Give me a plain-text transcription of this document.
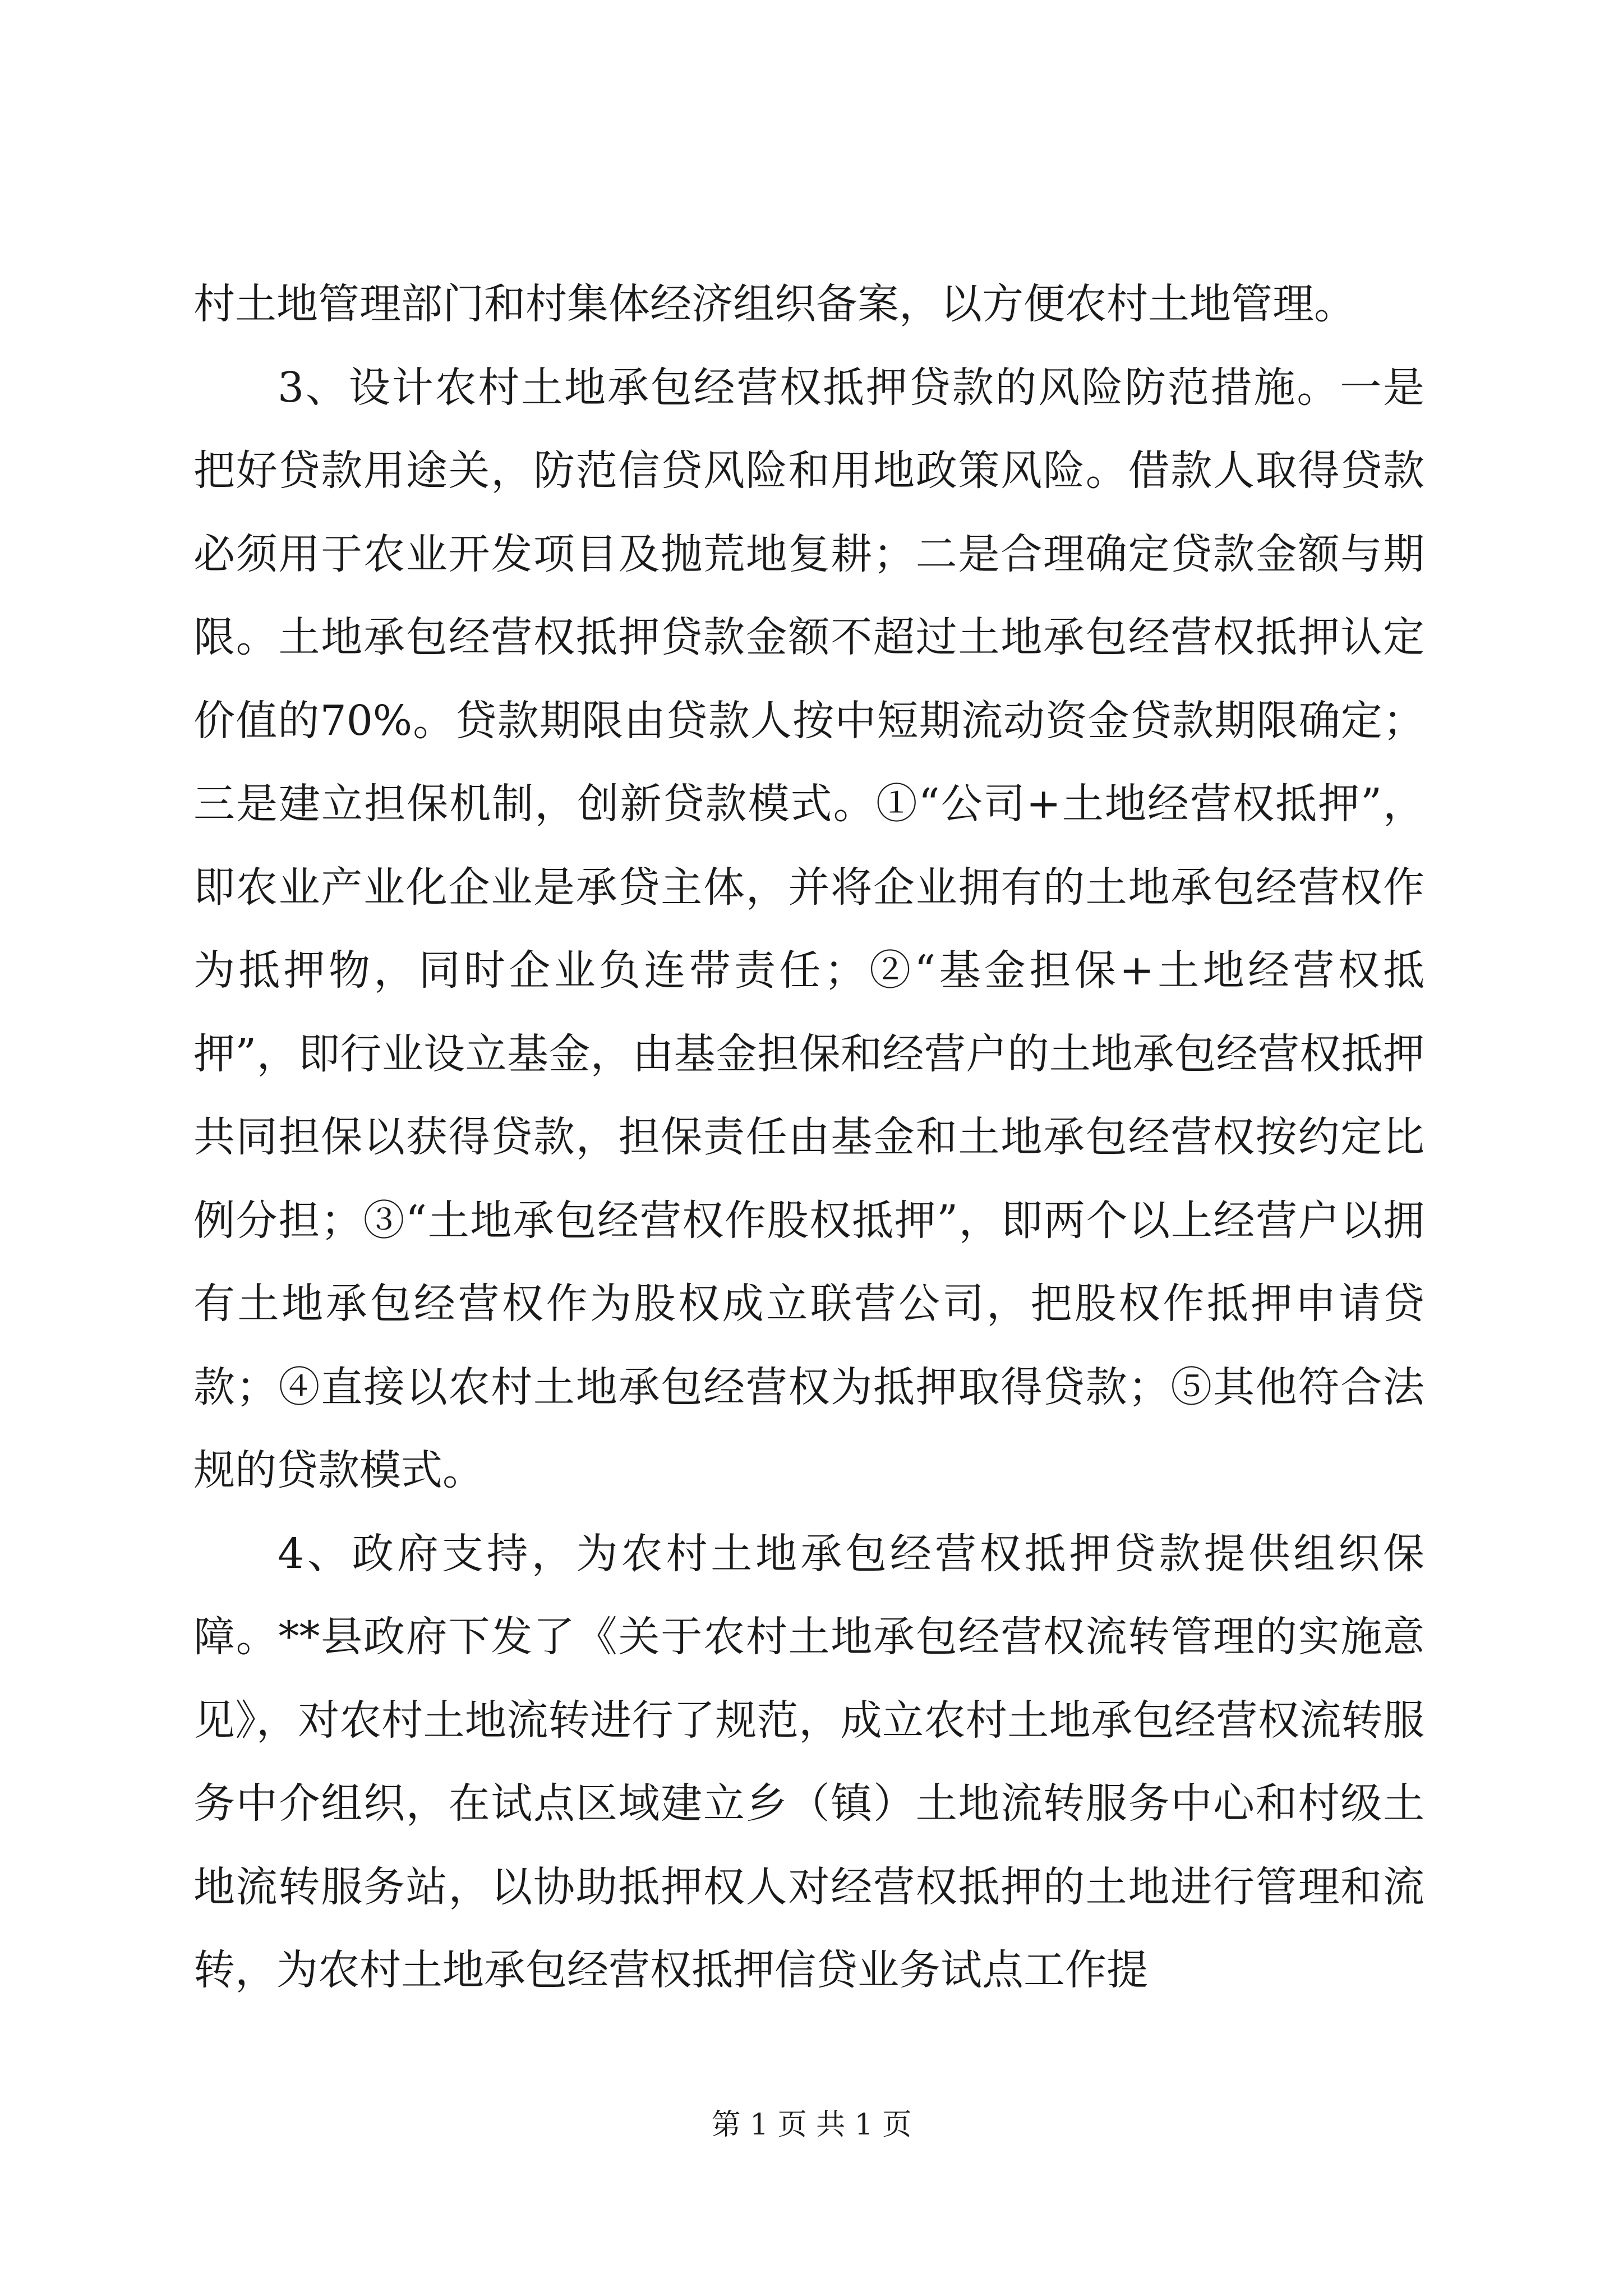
村土地管理部门和村集体经济组织备案，以方便农村土地管理。

3、设计农村土地承包经营权抵押贷款的风险防范措施。一是把好贷款用途关，防范信贷风险和用地政策风险。借款人取得贷款必须用于农业开发项目及抛荒地复耕；二是合理确定贷款金额与期限。土地承包经营权抵押贷款金额不超过土地承包经营权抵押认定价值的70%。贷款期限由贷款人按中短期流动资金贷款期限确定；三是建立担保机制，创新贷款模式。①“公司+土地经营权抵押”，即农业产业化企业是承贷主体，并将企业拥有的土地承包经营权作为抵押物，同时企业负连带责任；②“基金担保+土地经营权抵押”，即行业设立基金，由基金担保和经营户的土地承包经营权抵押共同担保以获得贷款，担保责任由基金和土地承包经营权按约定比例分担；③“土地承包经营权作股权抵押”，即两个以上经营户以拥有土地承包经营权作为股权成立联营公司，把股权作抵押申请贷款；④直接以农村土地承包经营权为抵押取得贷款；⑤其他符合法规的贷款模式。

4、政府支持，为农村土地承包经营权抵押贷款提供组织保障。**县政府下发了《关于农村土地承包经营权流转管理的实施意见》，对农村土地流转进行了规范，成立农村土地承包经营权流转服务中介组织，在试点区域建立乡（镇）土地流转服务中心和村级土地流转服务站，以协助抵押权人对经营权抵押的土地进行管理和流转，为农村土地承包经营权抵押信贷业务试点工作提

第 1 页 共 1 页
